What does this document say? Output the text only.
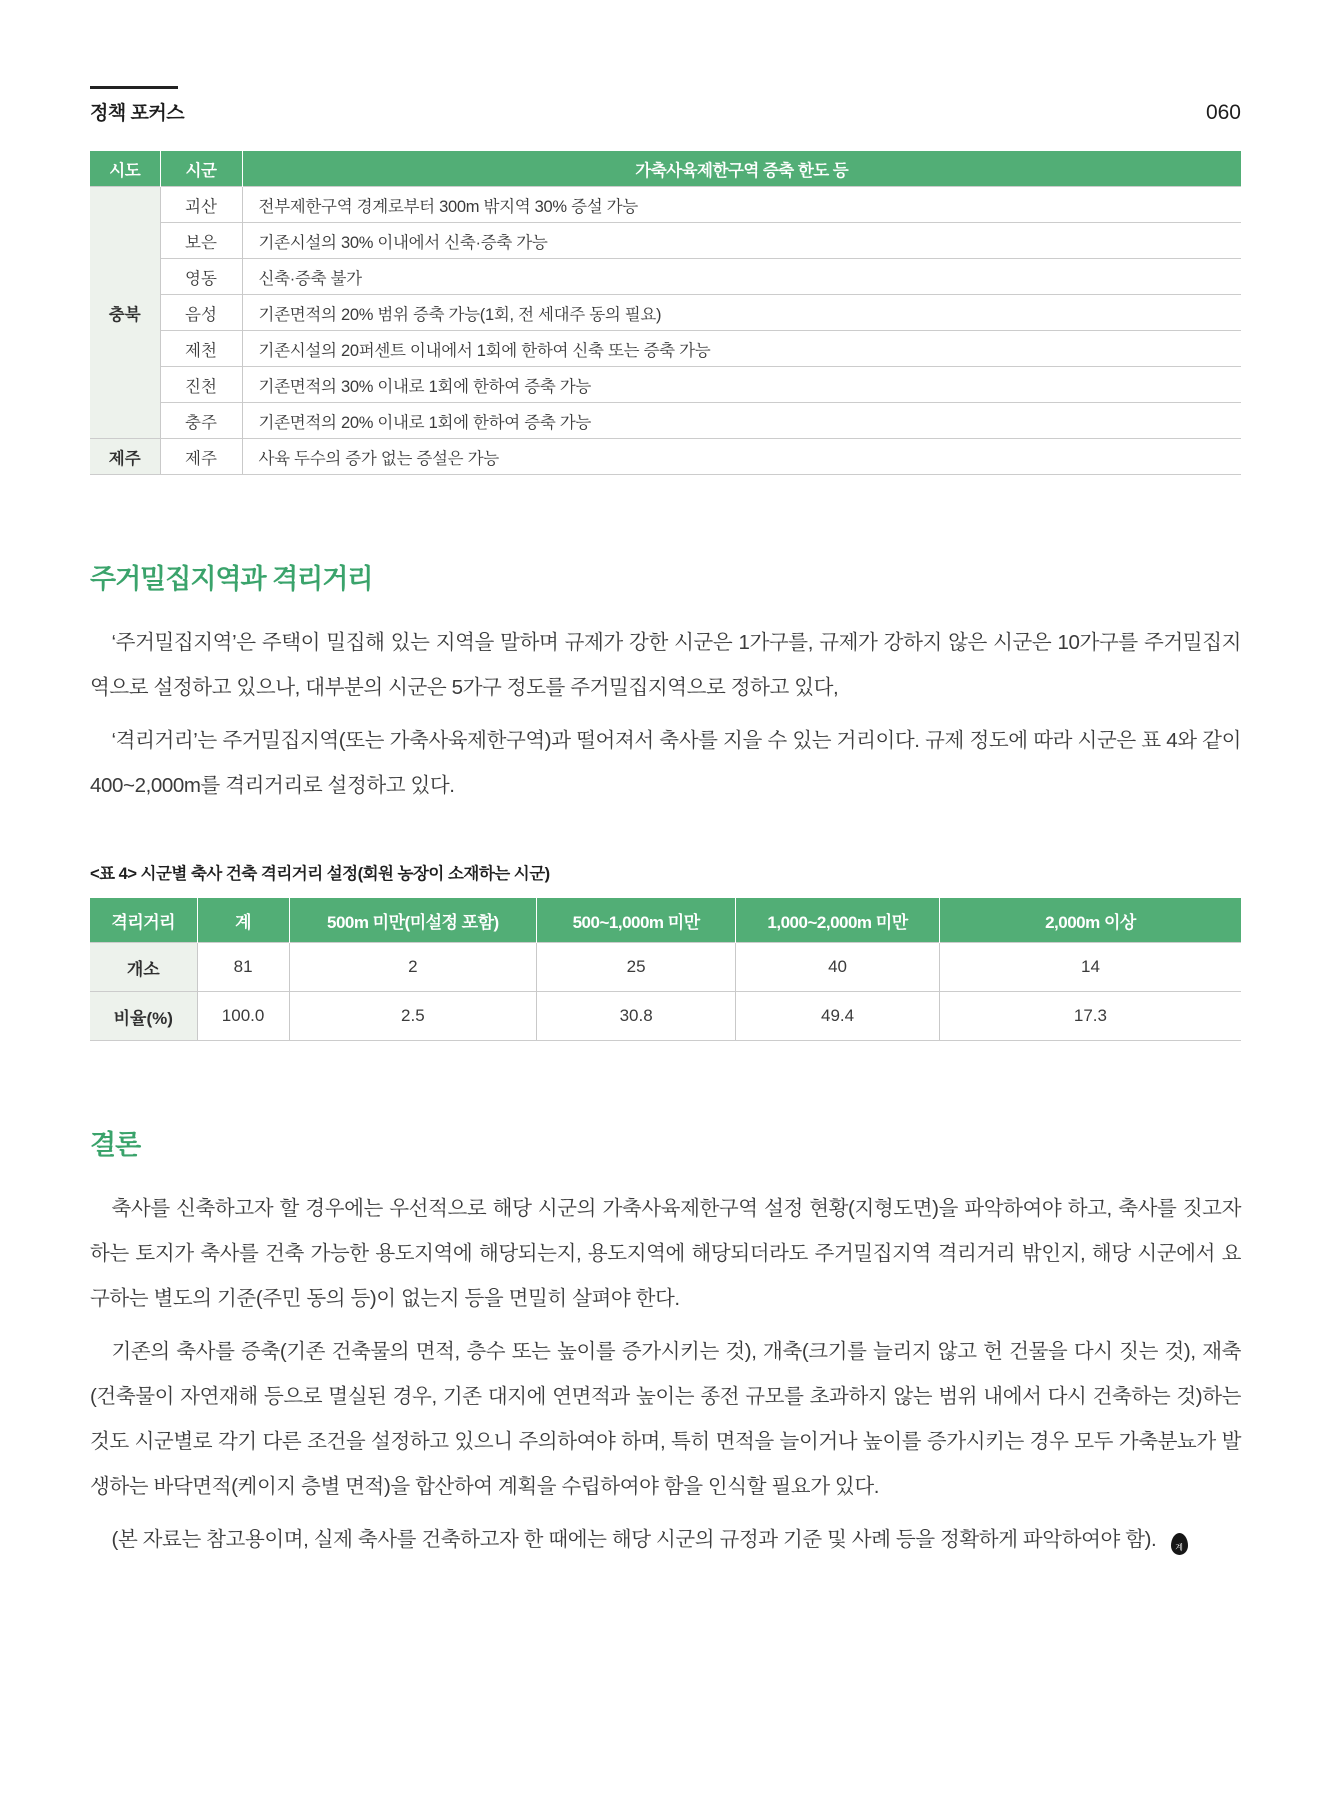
정책 포커스	060
시도	시군	가축사육제한구역 증축 한도 등
충북	괴산	전부제한구역 경계로부터 300m 밖지역 30% 증설 가능
	보은	기존시설의 30% 이내에서 신축·증축 가능
	영동	신축·증축 불가
	음성	기존면적의 20% 범위 증축 가능(1회, 전 세대주 동의 필요)
	제천	기존시설의 20퍼센트 이내에서 1회에 한하여 신축 또는 증축 가능
	진천	기존면적의 30% 이내로 1회에 한하여 증축 가능
	충주	기존면적의 20% 이내로 1회에 한하여 증축 가능
제주	제주	사육 두수의 증가 없는 증설은 가능
주거밀집지역과 격리거리

‘주거밀집지역’은 주택이 밀집해 있는 지역을 말하며 규제가 강한 시군은 1가구를, 규제가 강하지 않은 시군은 10가구를 주거밀집지역으로 설정하고 있으나, 대부분의 시군은 5가구 정도를 주거밀집지역으로 정하고 있다,

‘격리거리’는 주거밀집지역(또는 가축사육제한구역)과 떨어져서 축사를 지을 수 있는 거리이다. 규제 정도에 따라 시군은 표 4와 같이 400~2,000m를 격리거리로 설정하고 있다.

<표 4> 시군별 축사 건축 격리거리 설정(회원 농장이 소재하는 시군)
격리거리	계	500m 미만(미설정 포함)	500~1,000m 미만	1,000~2,000m 미만	2,000m 이상
개소	81	2	25	40	14
비율(%)	100.0	2.5	30.8	49.4	17.3
결론

축사를 신축하고자 할 경우에는 우선적으로 해당 시군의 가축사육제한구역 설정 현황(지형도면)을 파악하여야 하고, 축사를 짓고자 하는 토지가 축사를 건축 가능한 용도지역에 해당되는지, 용도지역에 해당되더라도 주거밀집지역 격리거리 밖인지, 해당 시군에서 요구하는 별도의 기준(주민 동의 등)이 없는지 등을 면밀히 살펴야 한다.

기존의 축사를 증축(기존 건축물의 면적, 층수 또는 높이를 증가시키는 것), 개축(크기를 늘리지 않고 헌 건물을 다시 짓는 것), 재축(건축물이 자연재해 등으로 멸실된 경우, 기존 대지에 연면적과 높이는 종전 규모를 초과하지 않는 범위 내에서 다시 건축하는 것)하는 것도 시군별로 각기 다른 조건을 설정하고 있으니 주의하여야 하며, 특히 면적을 늘이거나 높이를 증가시키는 경우 모두 가축분뇨가 발생하는 바닥면적(케이지 층별 면적)을 합산하여 계획을 수립하여야 함을 인식할 필요가 있다.

(본 자료는 참고용이며, 실제 축사를 건축하고자 한 때에는 해당 시군의 규정과 기준 및 사례 등을 정확하게 파악하여야 함).	양계
